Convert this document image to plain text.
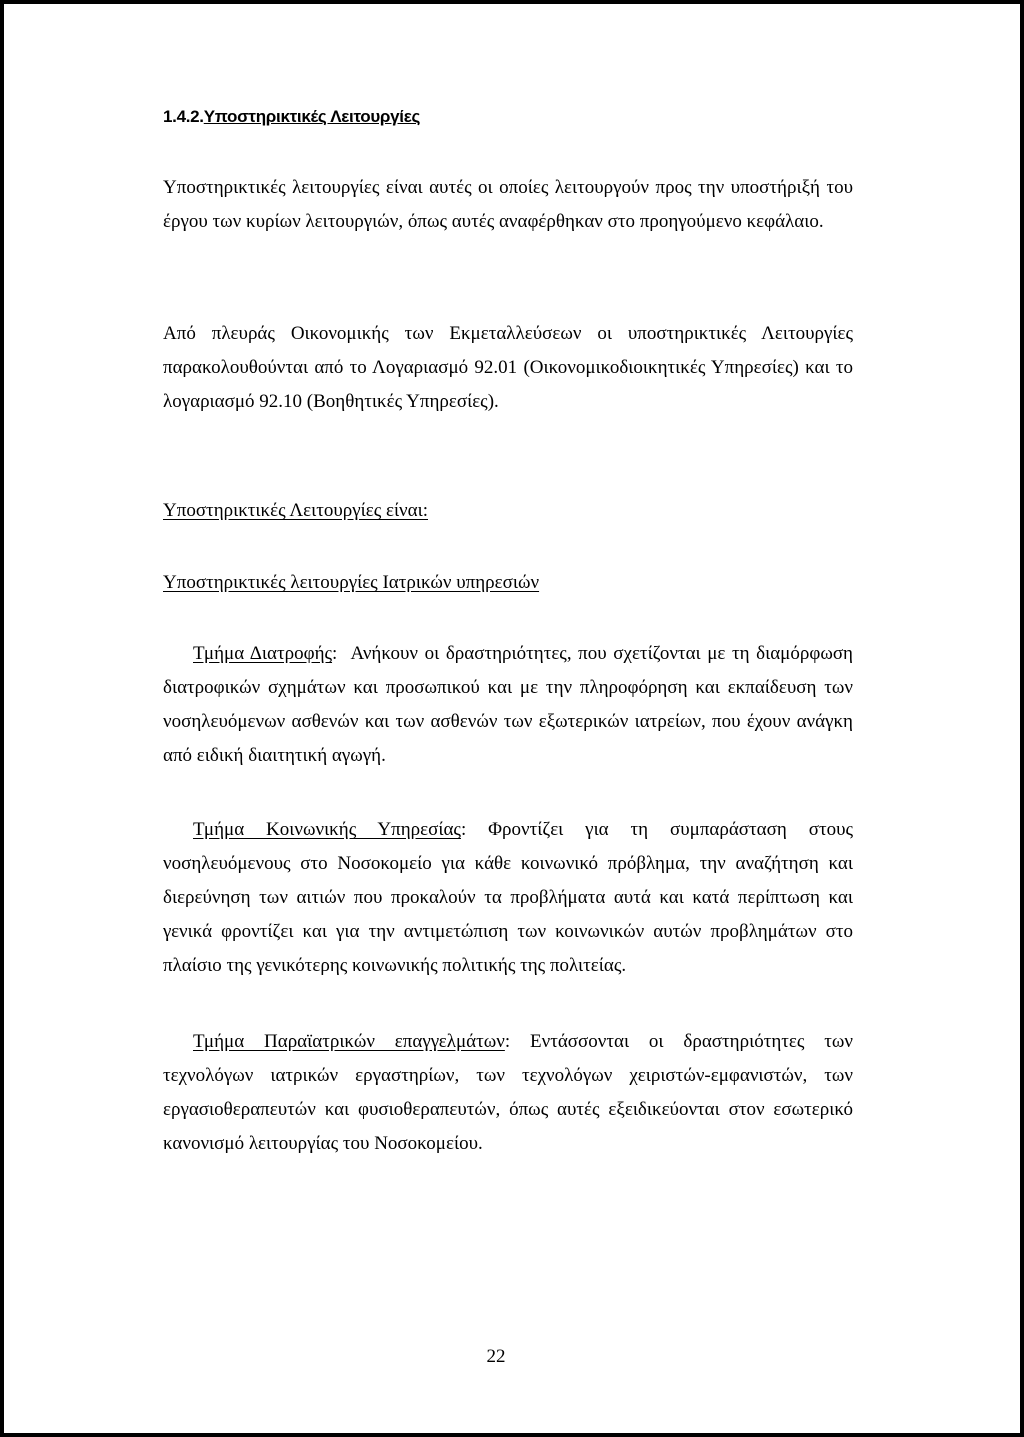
1.4.2.Υποστηρικτικές Λειτουργίες
Υποστηρικτικές λειτουργίες είναι αυτές οι οποίες λειτουργούν προς την υποστήριξή του έργου των κυρίων λειτουργιών, όπως αυτές αναφέρθηκαν στο προηγούμενο κεφάλαιο.
Από πλευράς Οικονομικής των Εκμεταλλεύσεων οι υποστηρικτικές Λειτουργίες παρακολουθούνται από το Λογαριασμό 92.01 (Οικονομικοδιοικητικές Υπηρεσίες) και το λογαριασμό 92.10 (Βοηθητικές Υπηρεσίες).
Υποστηρικτικές Λειτουργίες είναι:
Υποστηρικτικές λειτουργίες Ιατρικών υπηρεσιών
Τμήμα Διατροφής: Ανήκουν οι δραστηριότητες, που σχετίζονται με τη διαμόρφωση διατροφικών σχημάτων και προσωπικού και με την πληροφόρηση και εκπαίδευση των νοσηλευόμενων ασθενών και των ασθενών των εξωτερικών ιατρείων, που έχουν ανάγκη από ειδική διαιτητική αγωγή.
Τμήμα Κοινωνικής Υπηρεσίας: Φροντίζει για τη συμπαράσταση στους νοσηλευόμενους στο Νοσοκομείο για κάθε κοινωνικό πρόβλημα, την αναζήτηση και διερεύνηση των αιτιών που προκαλούν τα προβλήματα αυτά και κατά περίπτωση και γενικά φροντίζει και για την αντιμετώπιση των κοινωνικών αυτών προβλημάτων στο πλαίσιο της γενικότερης κοινωνικής πολιτικής της πολιτείας.
Τμήμα Παραϊατρικών επαγγελμάτων: Εντάσσονται οι δραστηριότητες των τεχνολόγων ιατρικών εργαστηρίων, των τεχνολόγων χειριστών-εμφανιστών, των εργασιοθεραπευτών και φυσιοθεραπευτών, όπως αυτές εξειδικεύονται στον εσωτερικό κανονισμό λειτουργίας του Νοσοκομείου.
22
